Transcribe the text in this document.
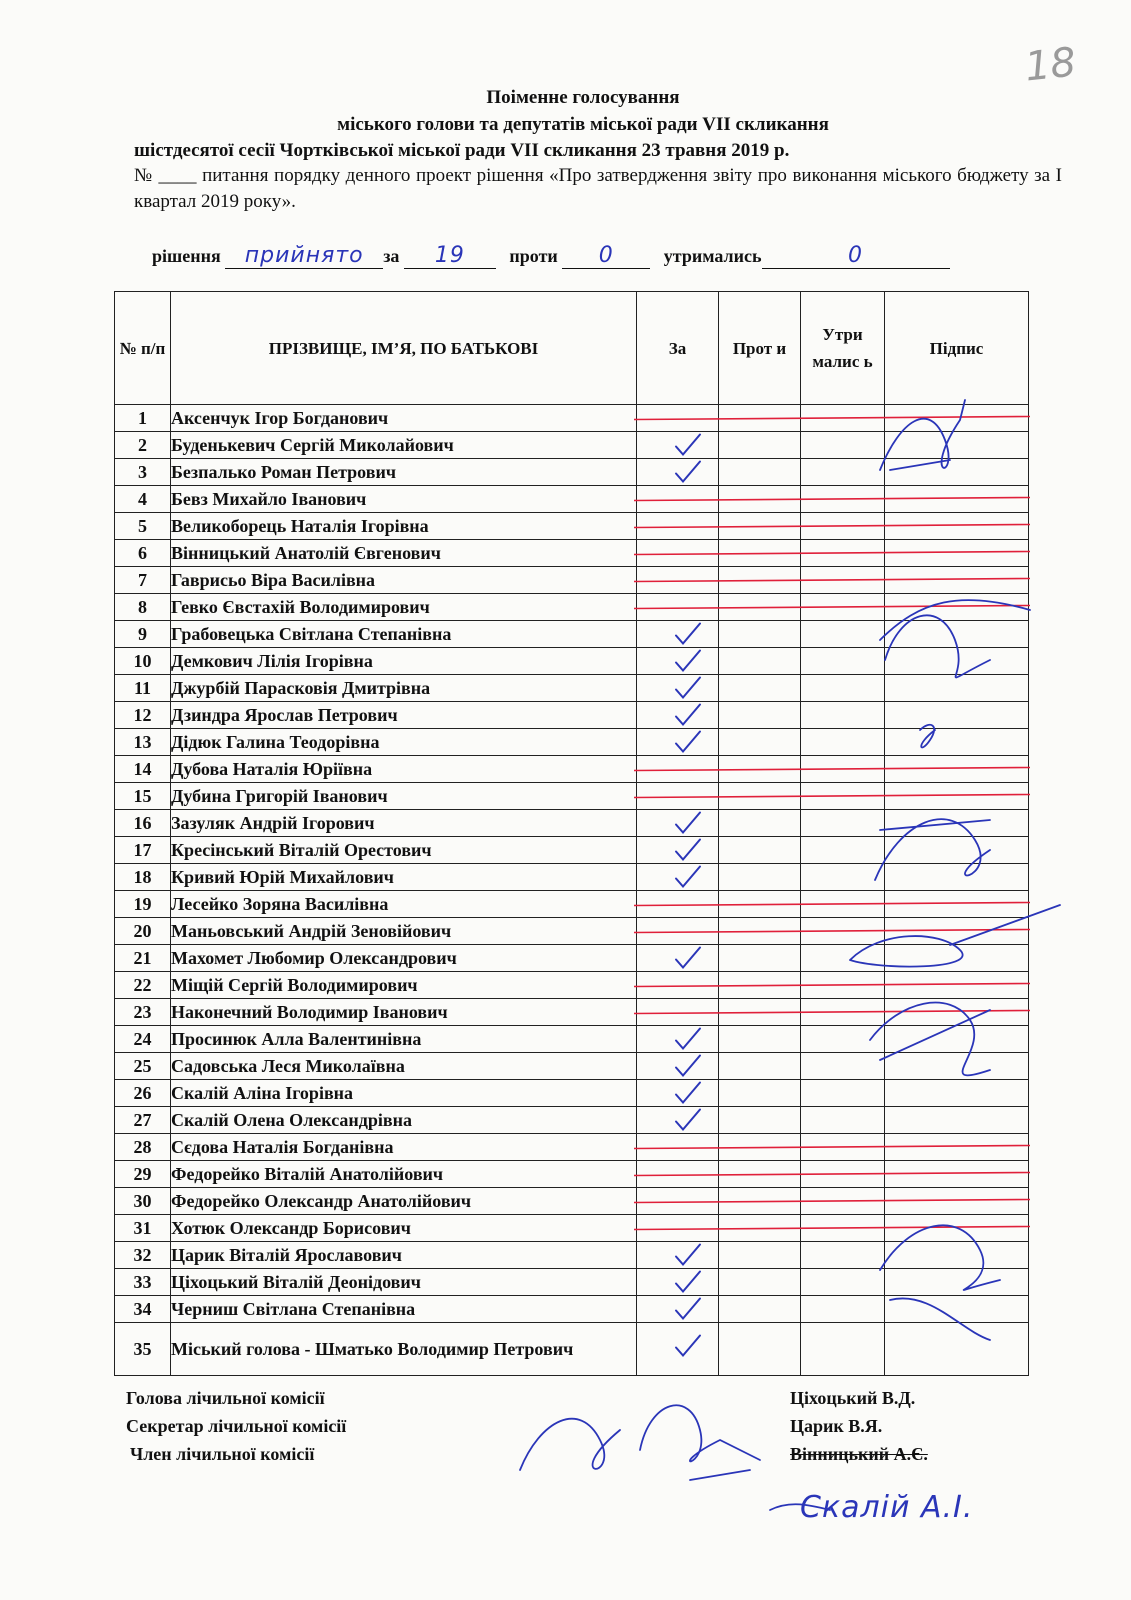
18
Поіменне голосування
міського голови та депутатів міської ради VII скликання
шістдесятої сесії Чортківської міської ради VII скликання 23 травня 2019 р.
№ ____ питання порядку денного проект рішення «Про затвердження звіту про виконання міського бюджету за І квартал 2019 року».
рішення прийнято за 19 проти 0	утримались	0
№ п/п	ПРІЗВИЩЕ, ІМ’Я, ПО БАТЬКОВІ	За	Прот и	Утри малис ь	Підпис
1	Аксенчук Ігор Богданович				
2	Буденькевич Сергій Миколайович				
3	Безпалько Роман Петрович				
4	Бевз Михайло Іванович				
5	Великоборець Наталія Ігорівна				
6	Вінницький Анатолій Євгенович				
7	Гаврисьо Віра Василівна				
8	Гевко Євстахій Володимирович				
9	Грабовецька Світлана Степанівна				
10	Демкович Лілія Ігорівна				
11	Джурбій Парасковія Дмитрівна				
12	Дзиндра Ярослав Петрович				
13	Дідюк Галина Теодорівна				
14	Дубова Наталія Юріївна				
15	Дубина Григорій Іванович				
16	Зазуляк Андрій Ігорович				
17	Кресінський Віталій Орестович				
18	Кривий Юрій Михайлович				
19	Лесейко Зоряна Василівна				
20	Маньовський Андрій Зеновійович				
21	Махомет Любомир Олександрович				
22	Міщій Сергій Володимирович				
23	Наконечний Володимир Іванович				
24	Просинюк Алла Валентинівна				
25	Садовська Леся Миколаївна				
26	Скалій Аліна Ігорівна				
27	Скалій Олена Олександрівна				
28	Сєдова Наталія Богданівна				
29	Федорейко Віталій Анатолійович				
30	Федорейко Олександр Анатолійович				
31	Хотюк Олександр Борисович				
32	Царик Віталій Ярославович				
33	Ціхоцький Віталій Деонідович				
34	Черниш Світлана Степанівна				
35	Міський голова - Шматько Володимир Петрович				
Голова лічильної комісії
Секретар лічильної комісії
Член лічильної комісії
Ціхоцький В.Д.
Царик В.Я.
Вінницький А.Є.
Скалій А.І.
